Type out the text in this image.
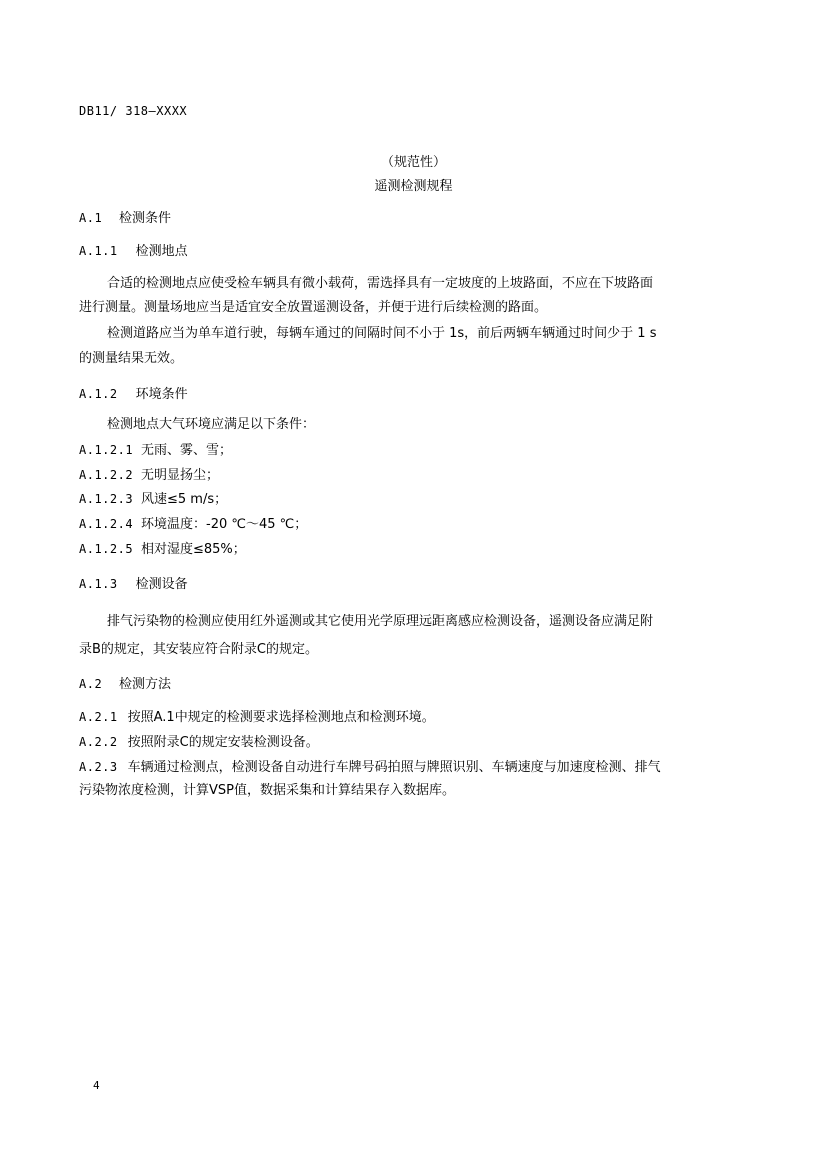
DB11/ 318—XXXX
（规范性）
遥测检测规程
A.1 检测条件
A.1.1 检测地点
合适的检测地点应使受检车辆具有微小载荷，需选择具有一定坡度的上坡路面，不应在下坡路面
进行测量。测量场地应当是适宜安全放置遥测设备，并便于进行后续检测的路面。
检测道路应当为单车道行驶，每辆车通过的间隔时间不小于 1s，前后两辆车辆通过时间少于 1 s
的测量结果无效。
A.1.2 环境条件
检测地点大气环境应满足以下条件：
A.1.2.1 无雨、雾、雪；
A.1.2.2 无明显扬尘；
A.1.2.3 风速≤5 m/s；
A.1.2.4 环境温度：-20 ℃～45 ℃；
A.1.2.5 相对湿度≤85%；
A.1.3 检测设备
排气污染物的检测应使用红外遥测或其它使用光学原理远距离感应检测设备，遥测设备应满足附
录B的规定，其安装应符合附录C的规定。
A.2 检测方法
A.2.1 按照A.1中规定的检测要求选择检测地点和检测环境。
A.2.2 按照附录C的规定安装检测设备。
A.2.3 车辆通过检测点，检测设备自动进行车牌号码拍照与牌照识别、车辆速度与加速度检测、排气
污染物浓度检测，计算VSP值，数据采集和计算结果存入数据库。
4
